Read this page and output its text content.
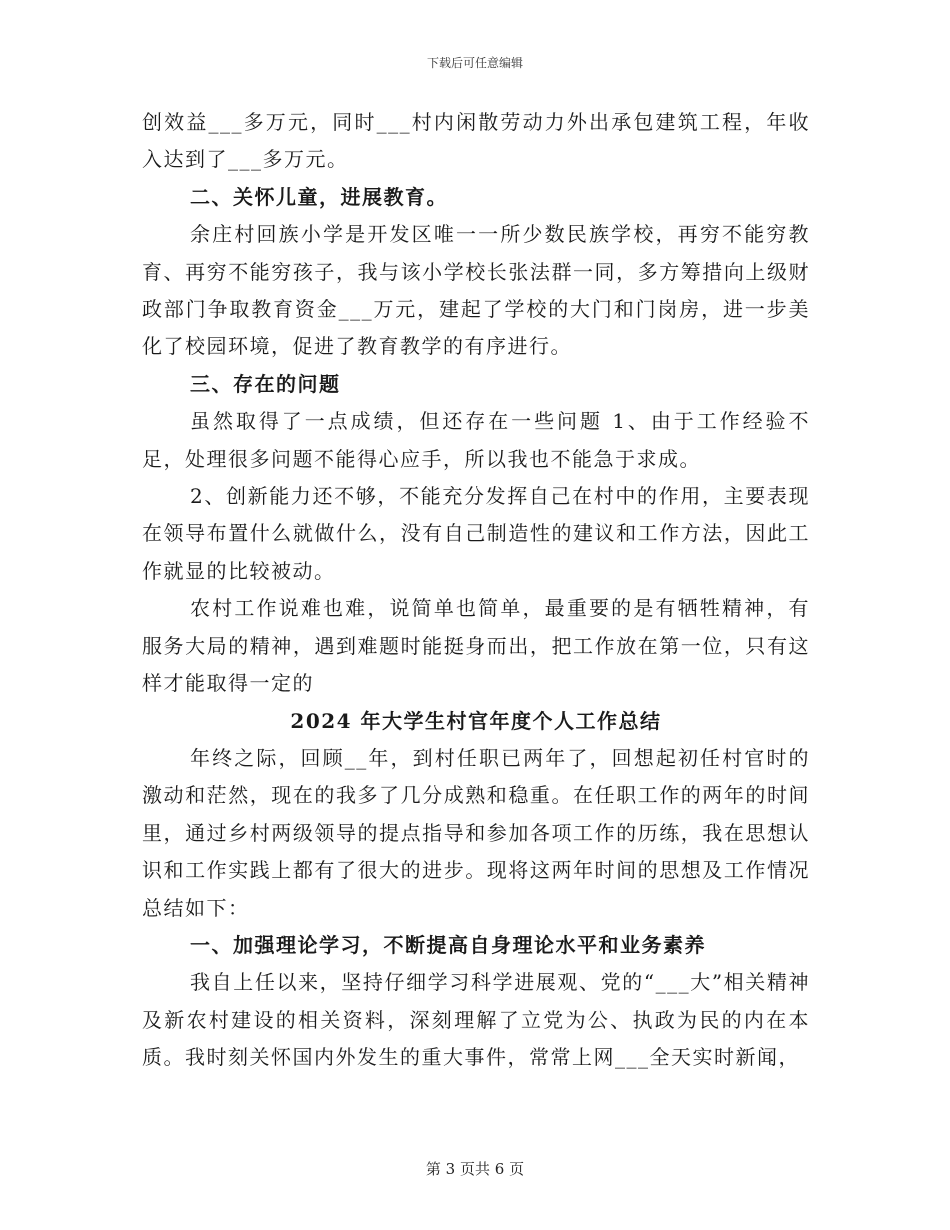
下载后可任意编辑

创效益___多万元，同时___村内闲散劳动力外出承包建筑工程，年收入达到了___多万元。

二、关怀儿童，进展教育。

余庄村回族小学是开发区唯一一所少数民族学校，再穷不能穷教育、再穷不能穷孩子，我与该小学校长张法群一同，多方筹措向上级财政部门争取教育资金___万元，建起了学校的大门和门岗房，进一步美化了校园环境，促进了教育教学的有序进行。

三、存在的问题

虽然取得了一点成绩，但还存在一些问题 1、由于工作经验不足，处理很多问题不能得心应手，所以我也不能急于求成。

2、创新能力还不够，不能充分发挥自己在村中的作用，主要表现在领导布置什么就做什么，没有自己制造性的建议和工作方法，因此工作就显的比较被动。

农村工作说难也难，说简单也简单，最重要的是有牺牲精神，有服务大局的精神，遇到难题时能挺身而出，把工作放在第一位，只有这样才能取得一定的

2024 年大学生村官年度个人工作总结

年终之际，回顾__年，到村任职已两年了，回想起初任村官时的激动和茫然，现在的我多了几分成熟和稳重。在任职工作的两年的时间里，通过乡村两级领导的提点指导和参加各项工作的历练，我在思想认识和工作实践上都有了很大的进步。现将这两年时间的思想及工作情况总结如下：

一、加强理论学习，不断提高自身理论水平和业务素养

我自上任以来，坚持仔细学习科学进展观、党的“___大”相关精神及新农村建设的相关资料，深刻理解了立党为公、执政为民的内在本质。我时刻关怀国内外发生的重大事件，常常上网___全天实时新闻，

第 3 页共 6 页
